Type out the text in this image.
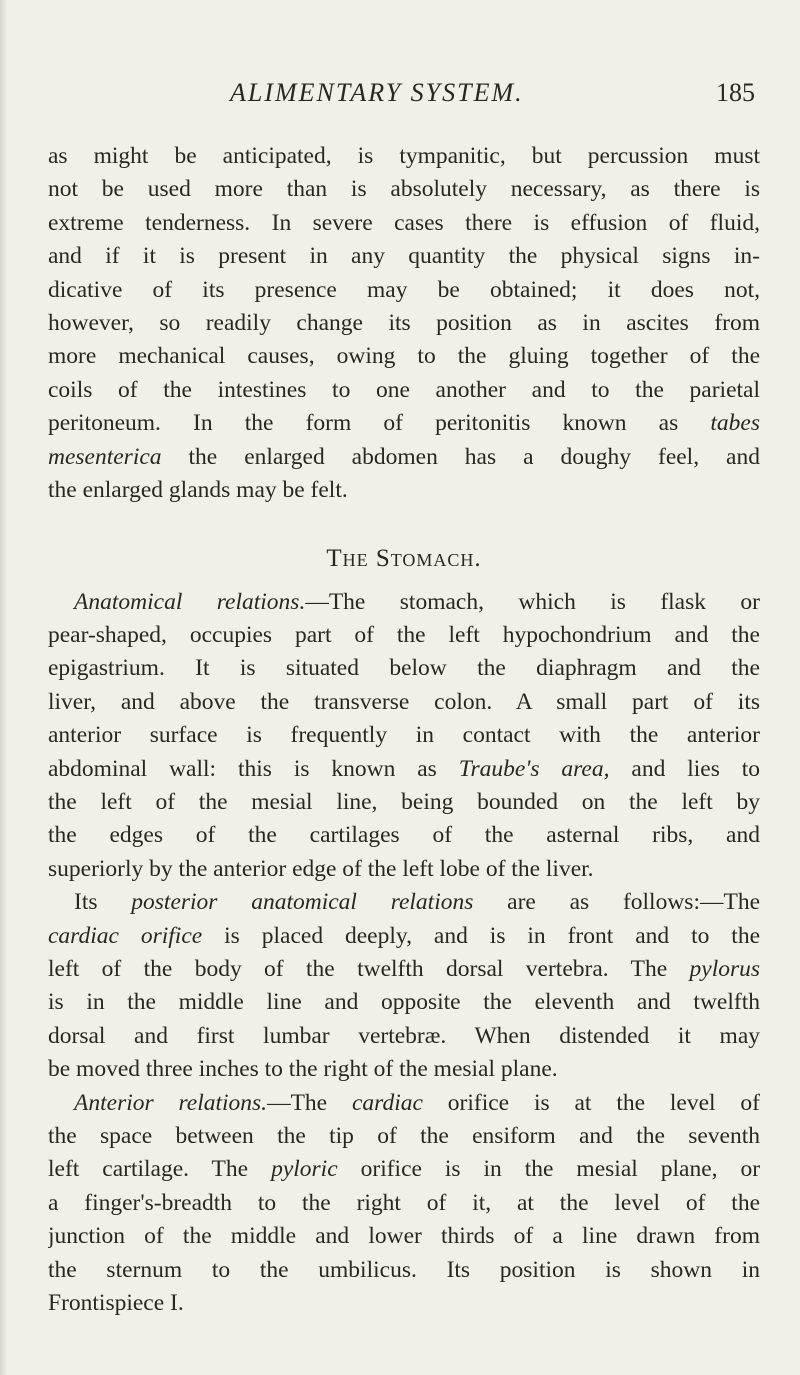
ALIMENTARY SYSTEM.	185
as might be anticipated, is tympanitic, but percussion must
not be used more than is absolutely necessary, as there is
extreme tenderness. In severe cases there is effusion of fluid,
and if it is present in any quantity the physical signs in-
dicative of its presence may be obtained; it does not,
however, so readily change its position as in ascites from
more mechanical causes, owing to the gluing together of the
coils of the intestines to one another and to the parietal
peritoneum. In the form of peritonitis known as tabes
mesenterica the enlarged abdomen has a doughy feel, and
the enlarged glands may be felt.
The Stomach.
Anatomical relations.—The stomach, which is flask or
pear-shaped, occupies part of the left hypochondrium and the
epigastrium. It is situated below the diaphragm and the
liver, and above the transverse colon. A small part of its
anterior surface is frequently in contact with the anterior
abdominal wall: this is known as Traube's area, and lies to
the left of the mesial line, being bounded on the left by
the edges of the cartilages of the asternal ribs, and
superiorly by the anterior edge of the left lobe of the liver.
Its posterior anatomical relations are as follows:—The
cardiac orifice is placed deeply, and is in front and to the
left of the body of the twelfth dorsal vertebra. The pylorus
is in the middle line and opposite the eleventh and twelfth
dorsal and first lumbar vertebræ. When distended it may
be moved three inches to the right of the mesial plane.
Anterior relations.—The cardiac orifice is at the level of
the space between the tip of the ensiform and the seventh
left cartilage. The pyloric orifice is in the mesial plane, or
a finger's-breadth to the right of it, at the level of the
junction of the middle and lower thirds of a line drawn from
the sternum to the umbilicus. Its position is shown in
Frontispiece I.
